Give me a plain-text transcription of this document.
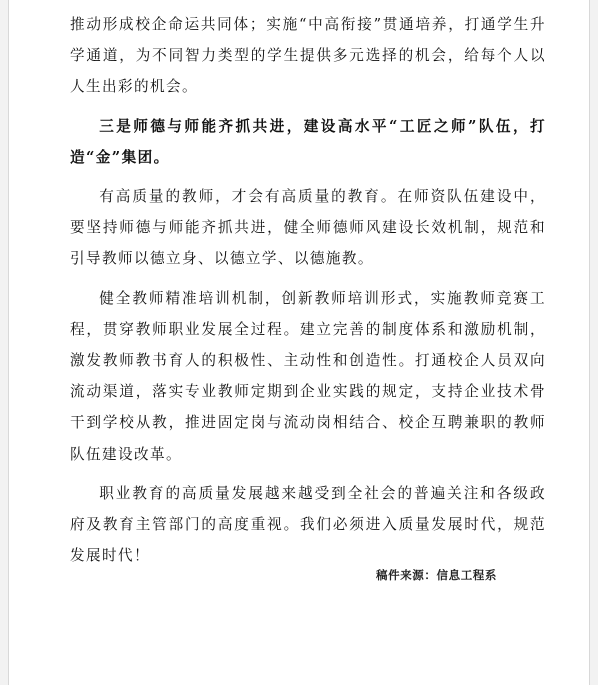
推动形成校企命运共同体；实施“中高衔接”贯通培养，打通学生升学通道，为不同智力类型的学生提供多元选择的机会，给每个人以人生出彩的机会。

三是师德与师能齐抓共进，建设高水平“工匠之师”队伍，打造“金”集团。

有高质量的教师，才会有高质量的教育。在师资队伍建设中，要坚持师德与师能齐抓共进，健全师德师风建设长效机制，规范和引导教师以德立身、以德立学、以德施教。

健全教师精准培训机制，创新教师培训形式，实施教师竞赛工程，贯穿教师职业发展全过程。建立完善的制度体系和激励机制，激发教师教书育人的积极性、主动性和创造性。打通校企人员双向流动渠道，落实专业教师定期到企业实践的规定，支持企业技术骨干到学校从教，推进固定岗与流动岗相结合、校企互聘兼职的教师队伍建设改革。

职业教育的高质量发展越来越受到全社会的普遍关注和各级政府及教育主管部门的高度重视。我们必须进入质量发展时代，规范发展时代！

稿件来源：信息工程系
